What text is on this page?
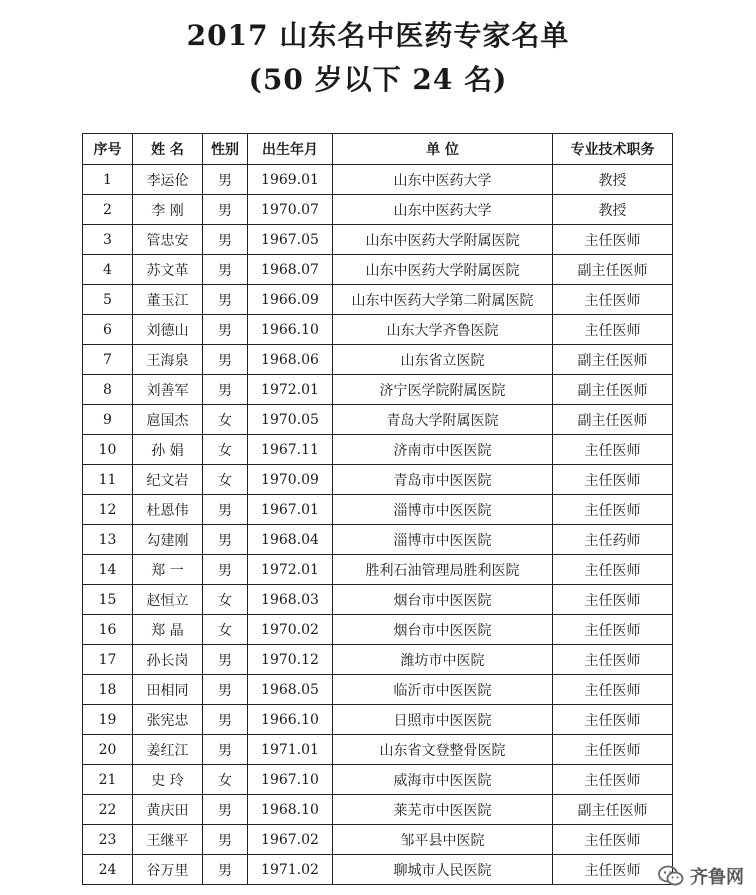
2017 山东名中医药专家名单
(50 岁以下 24 名)
序号	姓 名	性别	出生年月	单 位	专业技术职务
1	李运伦	男	1969.01	山东中医药大学	教授
2	李 刚	男	1970.07	山东中医药大学	教授
3	管忠安	男	1967.05	山东中医药大学附属医院	主任医师
4	苏文革	男	1968.07	山东中医药大学附属医院	副主任医师
5	董玉江	男	1966.09	山东中医药大学第二附属医院	主任医师
6	刘德山	男	1966.10	山东大学齐鲁医院	主任医师
7	王海泉	男	1968.06	山东省立医院	副主任医师
8	刘善军	男	1972.01	济宁医学院附属医院	副主任医师
9	扈国杰	女	1970.05	青岛大学附属医院	副主任医师
10	孙 娟	女	1967.11	济南市中医医院	主任医师
11	纪文岩	女	1970.09	青岛市中医医院	主任医师
12	杜恩伟	男	1967.01	淄博市中医医院	主任医师
13	勾建刚	男	1968.04	淄博市中医医院	主任药师
14	郑 一	男	1972.01	胜利石油管理局胜利医院	主任医师
15	赵恒立	女	1968.03	烟台市中医医院	主任医师
16	郑 晶	女	1970.02	烟台市中医医院	主任医师
17	孙长岗	男	1970.12	潍坊市中医院	主任医师
18	田相同	男	1968.05	临沂市中医医院	主任医师
19	张宪忠	男	1966.10	日照市中医医院	主任医师
20	姜红江	男	1971.01	山东省文登整骨医院	主任医师
21	史 玲	女	1967.10	威海市中医医院	主任医师
22	黄庆田	男	1968.10	莱芜市中医医院	副主任医师
23	王继平	男	1967.02	邹平县中医院	主任医师
24	谷万里	男	1971.02	聊城市人民医院	主任医师	齐鲁网
